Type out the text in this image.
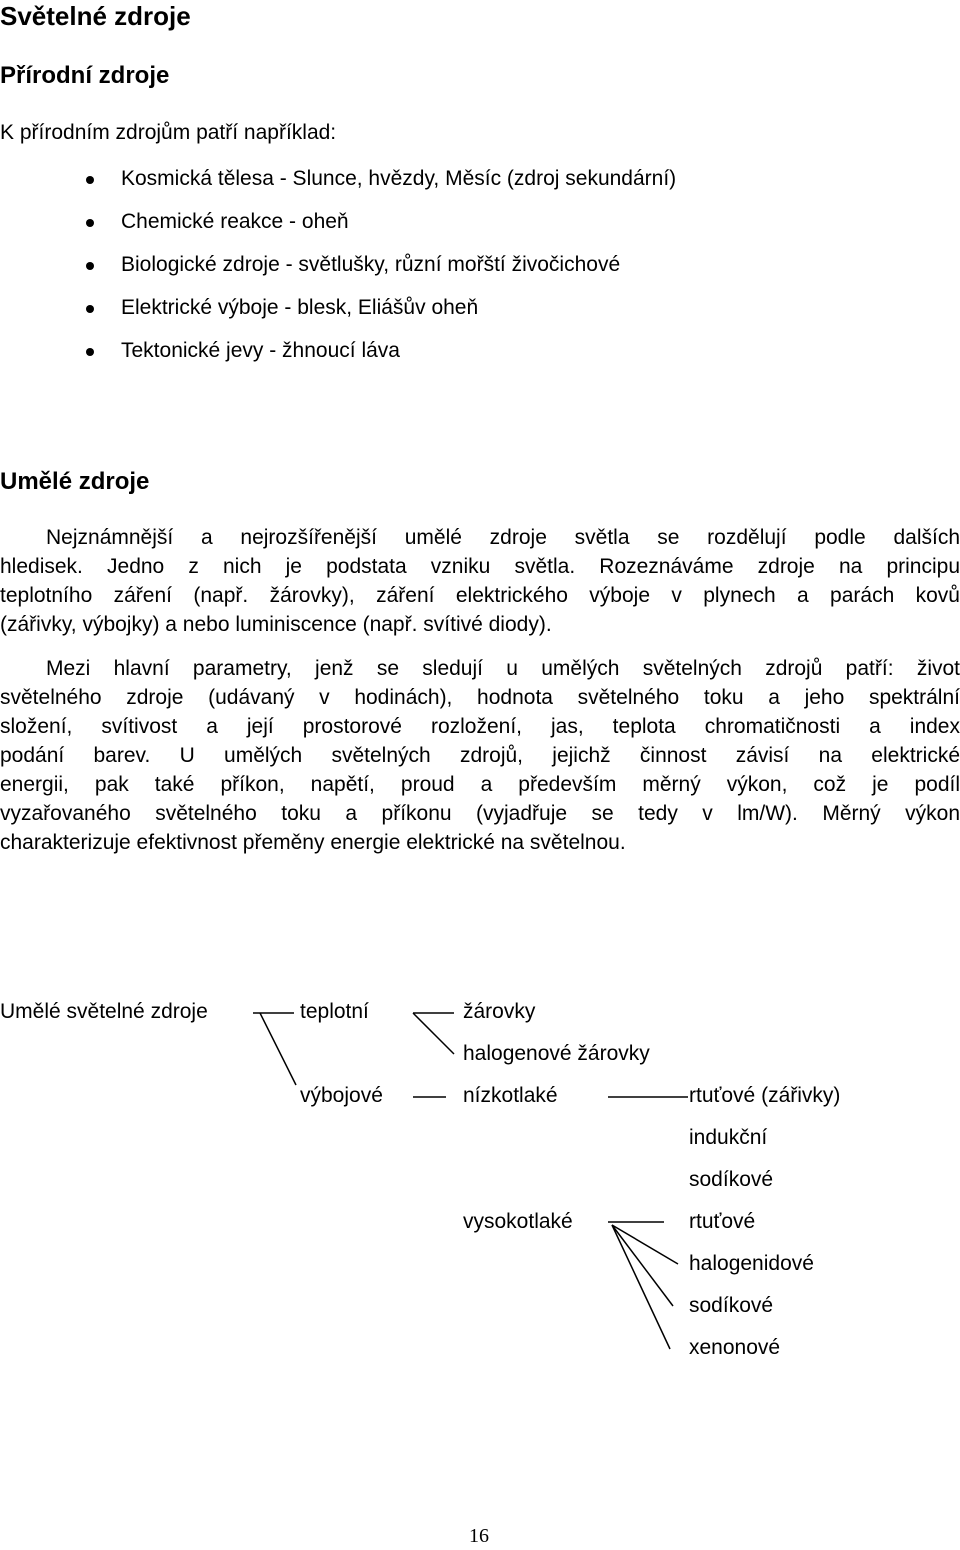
Světelné zdroje
Přírodní zdroje
K přírodním zdrojům patří například:
Kosmická tělesa - Slunce, hvězdy, Měsíc (zdroj sekundární)
Chemické reakce - oheň
Biologické zdroje - světlušky, různí mořští živočichové
Elektrické výboje - blesk, Eliášův oheň
Tektonické jevy - žhnoucí láva
Umělé zdroje
Nejznámnější a nejrozšířenější umělé zdroje světla se rozdělují podle dalších
hledisek. Jedno z nich je podstata vzniku světla. Rozeznáváme zdroje na principu
teplotního záření (např. žárovky), záření elektrického výboje v plynech a parách kovů
(zářivky, výbojky) a nebo luminiscence (např. svítivé diody).
Mezi hlavní parametry, jenž se sledují u umělých světelných zdrojů patří: život
světelného zdroje (udávaný v hodinách), hodnota světelného toku a jeho spektrální
složení, svítivost a její prostorové rozložení, jas, teplota chromatičnosti a index
podání barev. U umělých světelných zdrojů, jejichž činnost závisí na elektrické
energii, pak také příkon, napětí, proud a především měrný výkon, což je podíl
vyzařovaného světelného toku a příkonu (vyjadřuje se tedy v lm/W). Měrný výkon
charakterizuje efektivnost přeměny energie elektrické na světelnou.
Umělé světelné zdroje	teplotní	žárovky
halogenové žárovky
výbojové	nízkotlaké	rtuťové (zářivky)
indukční
sodíkové
vysokotlaké	rtuťové
halogenidové
sodíkové
xenonové
16
